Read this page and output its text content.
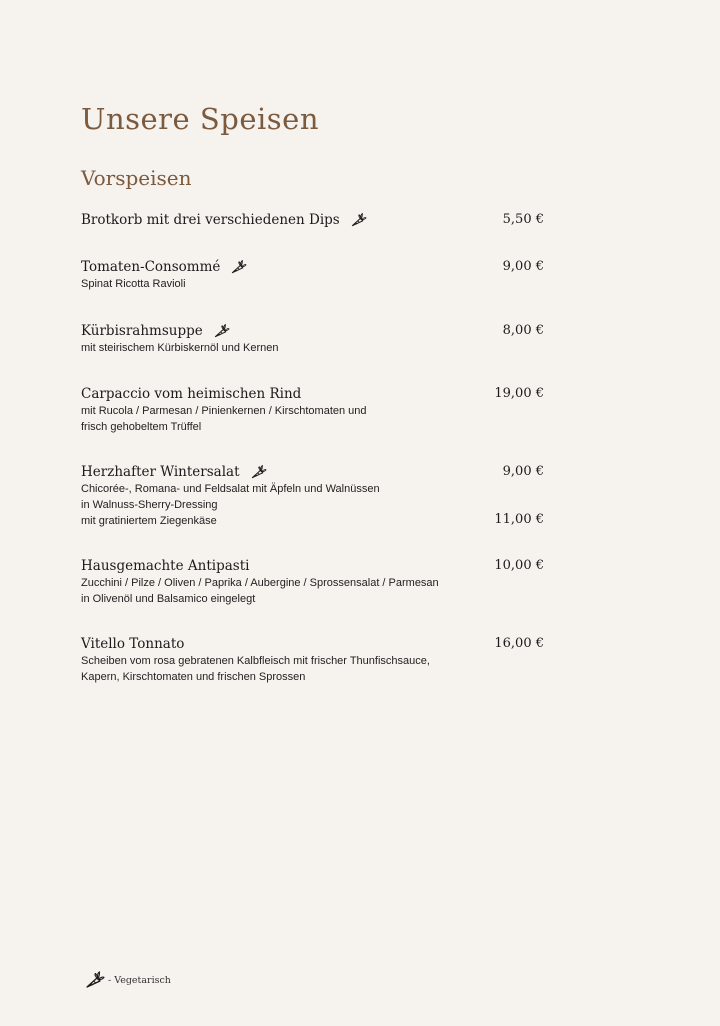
Unsere Speisen
Vorspeisen
Brotkorb mit drei verschiedenen Dips	5,50 €
Tomaten-Consommé	9,00 €
Spinat Ricotta Ravioli
Kürbisrahmsuppe	8,00 €
mit steirischem Kürbiskernöl und Kernen
Carpaccio vom heimischen Rind	19,00 €
mit Rucola / Parmesan / Pinienkernen / Kirschtomaten und
frisch gehobeltem Trüffel
Herzhafter Wintersalat	9,00 €
Chicorée-, Romana- und Feldsalat mit Äpfeln und Walnüssen
in Walnuss-Sherry-Dressing
mit gratiniertem Ziegenkäse	11,00 €
Hausgemachte Antipasti	10,00 €
Zucchini / Pilze / Oliven / Paprika / Aubergine / Sprossensalat / Parmesan
in Olivenöl und Balsamico eingelegt
Vitello Tonnato	16,00 €
Scheiben vom rosa gebratenen Kalbfleisch mit frischer Thunfischsauce,
Kapern, Kirschtomaten und frischen Sprossen
- Vegetarisch
